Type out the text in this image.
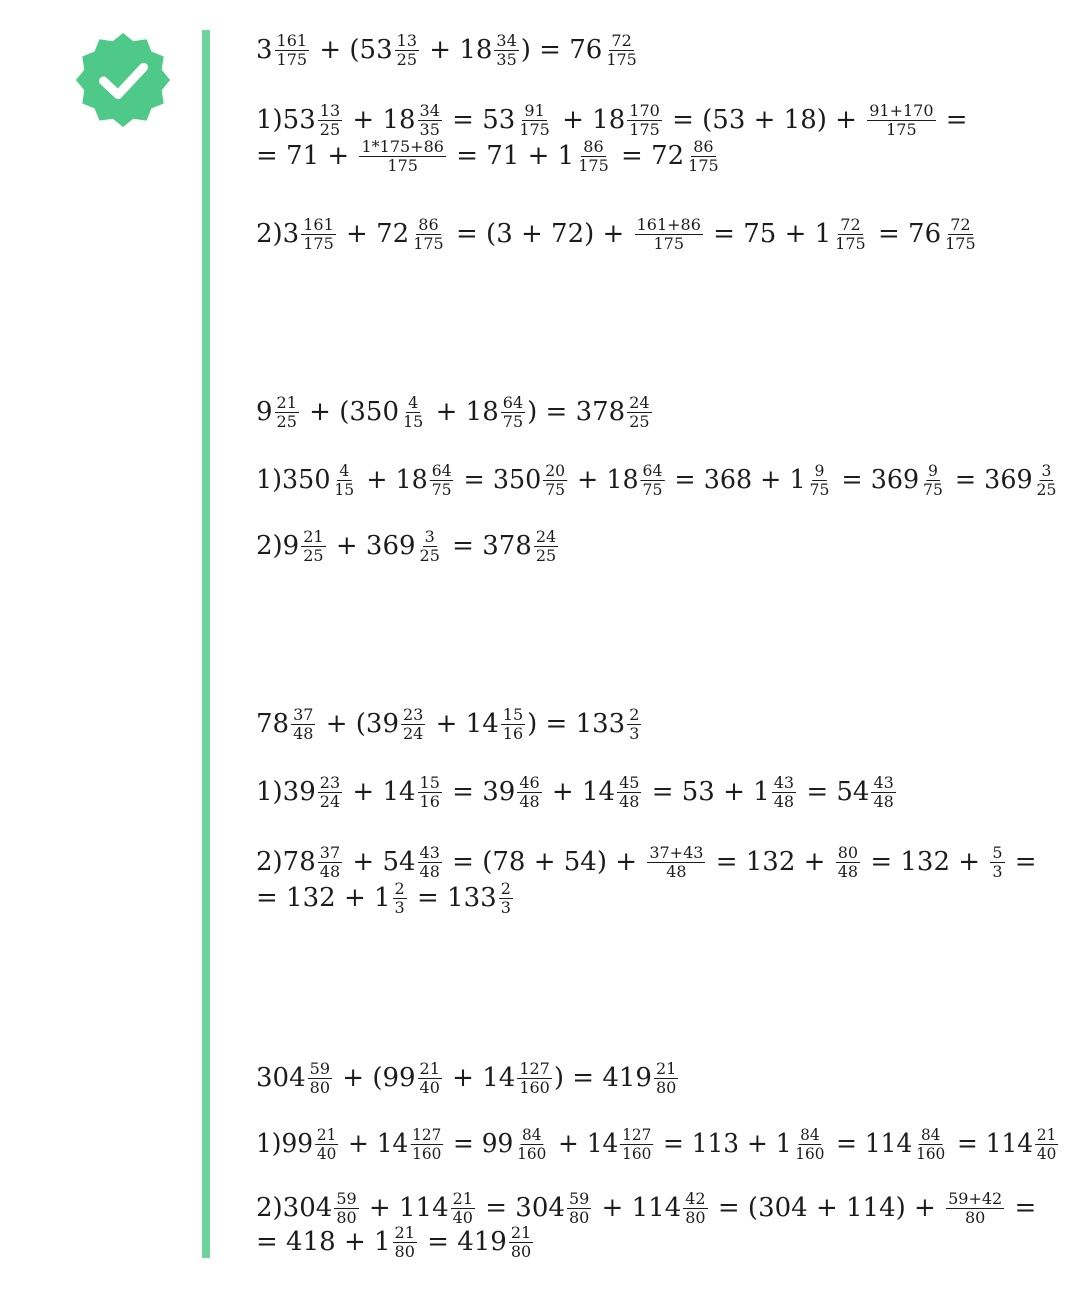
$3 \frac{161}{175} + (53 \frac{13}{25} + 18 \frac{34}{35}$ ) = $76 \frac{72}{175}$
$1)53 \frac{13}{25} + 18 \frac{34}{35} = 53 \frac{91}{175} + 18 \frac{170}{175} = (53 + 18) + \frac{91+170}{175}$ =
= $71 + \frac{1*175+86}{175} = 71 + 1 \frac{86}{175} = 72 \frac{86}{175}$
$2)3 \frac{161}{175} + 72 \frac{86}{175} = (3 + 72) + \frac{161+86}{175} = 75 + 1 \frac{72}{175} = 76 \frac{72}{175}$
$9 \frac{21}{25} + (350 \frac{4}{15} + 18 \frac{64}{75}$ ) = $378 \frac{24}{25}$
$1)350 \frac{4}{15} + 18 \frac{64}{75} = 350 \frac{20}{75} + 18 \frac{64}{75} = 368 + 1 \frac{9}{75} = 369 \frac{9}{75} = 369 \frac{3}{25}$
$2)9 \frac{21}{25} + 369 \frac{3}{25} = 378 \frac{24}{25}$
$78 \frac{37}{48} + (39 \frac{23}{24} + 14 \frac{15}{16}$ ) = $133 \frac{2}{3}$
$1)39 \frac{23}{24} + 14 \frac{15}{16} = 39 \frac{46}{48} + 14 \frac{45}{48} = 53 + 1 \frac{43}{48} = 54 \frac{43}{48}$
$2)78 \frac{37}{48} + 54 \frac{43}{48} = (78 + 54) + \frac{37+43}{48} = 132 + \frac{80}{48} = 132 + \frac{5}{3}$ =
= $132 + 1 \frac{2}{3} = 133 \frac{2}{3}$
$304 \frac{59}{80} + (99 \frac{21}{40} + 14 \frac{127}{160}$ ) = $419 \frac{21}{80}$
$1)99 \frac{21}{40} + 14 \frac{127}{160} = 99 \frac{84}{160} + 14 \frac{127}{160} = 113 + 1 \frac{84}{160} = 114 \frac{84}{160} = 114 \frac{21}{40}$
$2)304 \frac{59}{80} + 114 \frac{21}{40} = 304 \frac{59}{80} + 114 \frac{42}{80} = (304 + 114) + \frac{59+42}{80}$ =
= $418 + 1 \frac{21}{80} = 419 \frac{21}{80}$
